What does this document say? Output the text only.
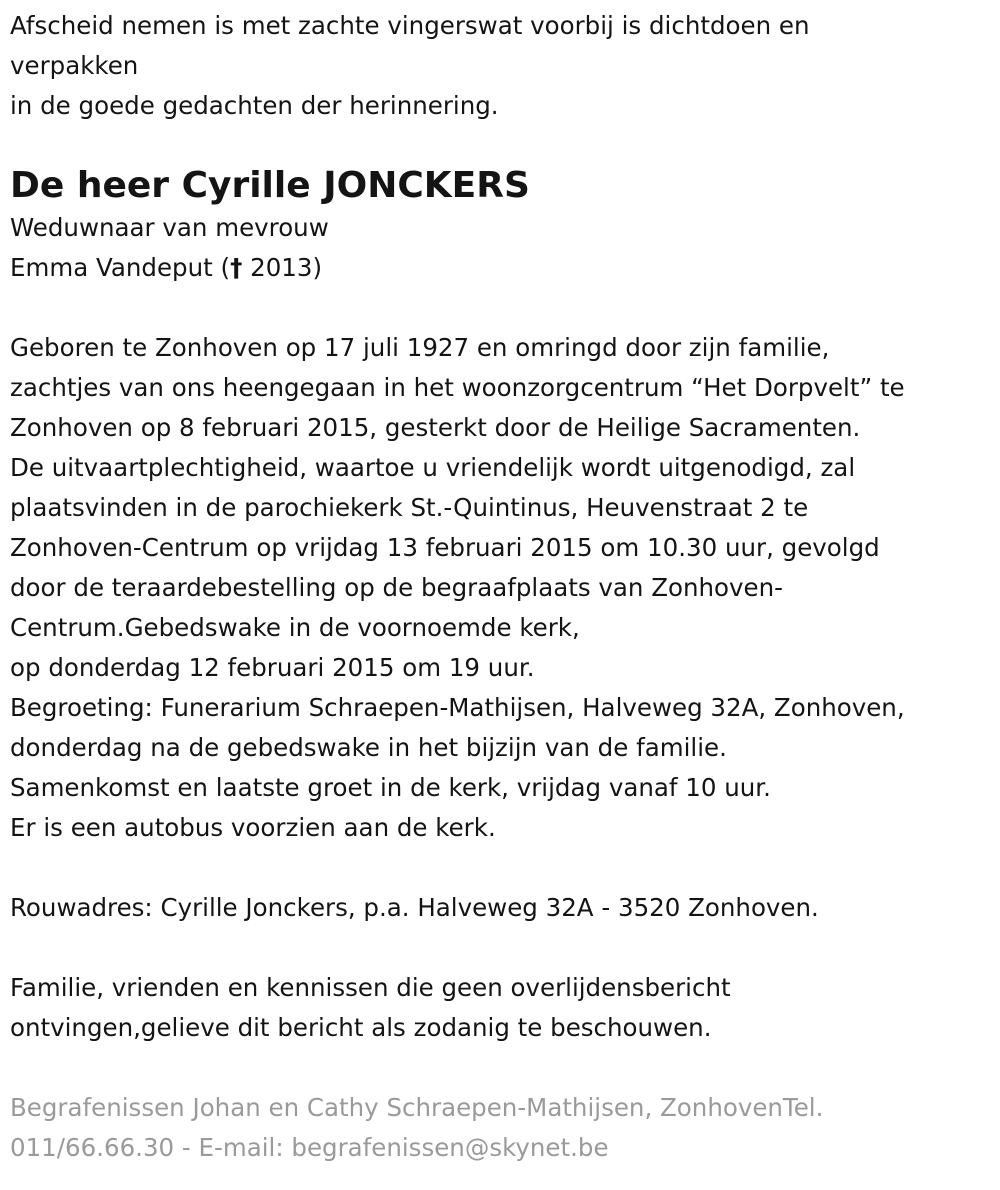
Afscheid nemen is met zachte vingerswat voorbij is dichtdoen en
verpakken
in de goede gedachten der herinnering.

De heer Cyrille JONCKERS

Weduwnaar van mevrouw
Emma Vandeput († 2013)

Geboren te Zonhoven op 17 juli 1927 en omringd door zijn familie,
zachtjes van ons heengegaan in het woonzorgcentrum “Het Dorpvelt” te
Zonhoven op 8 februari 2015, gesterkt door de Heilige Sacramenten.
De uitvaartplechtigheid, waartoe u vriendelijk wordt uitgenodigd, zal
plaatsvinden in de parochiekerk St.-Quintinus, Heuvenstraat 2 te
Zonhoven-Centrum op vrijdag 13 februari 2015 om 10.30 uur, gevolgd
door de teraardebestelling op de begraafplaats van Zonhoven-
Centrum.Gebedswake in de voornoemde kerk,
op donderdag 12 februari 2015 om 19 uur.
Begroeting: Funerarium Schraepen-Mathijsen, Halveweg 32A, Zonhoven,
donderdag na de gebedswake in het bijzijn van de familie.
Samenkomst en laatste groet in de kerk, vrijdag vanaf 10 uur.
Er is een autobus voorzien aan de kerk.

Rouwadres: Cyrille Jonckers, p.a. Halveweg 32A - 3520 Zonhoven.

Familie, vrienden en kennissen die geen overlijdensbericht
ontvingen,gelieve dit bericht als zodanig te beschouwen.

Begrafenissen Johan en Cathy Schraepen-Mathijsen, ZonhovenTel.
011/66.66.30 - E-mail: begrafenissen@skynet.be
